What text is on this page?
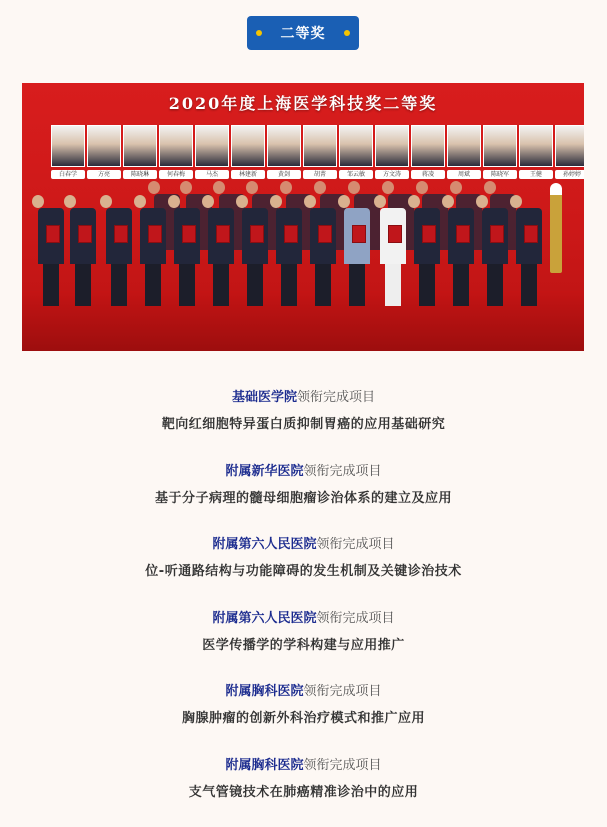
二等奖
2020年度上海医学科技奖二等奖
白春学	方亮	陈晓琳	何春梅	马杰	林建新	黄剑	胡菁	邹云敏	方文涛	蒋凌	周斌	陈晓军	王健	孙婷婷
基础医学院领衔完成项目
靶向红细胞特异蛋白质抑制胃癌的应用基础研究
附属新华医院领衔完成项目
基于分子病理的髓母细胞瘤诊治体系的建立及应用
附属第六人民医院领衔完成项目
位-听通路结构与功能障碍的发生机制及关键诊治技术
附属第六人民医院领衔完成项目
医学传播学的学科构建与应用推广
附属胸科医院领衔完成项目
胸腺肿瘤的创新外科治疗模式和推广应用
附属胸科医院领衔完成项目
支气管镜技术在肺癌精准诊治中的应用
